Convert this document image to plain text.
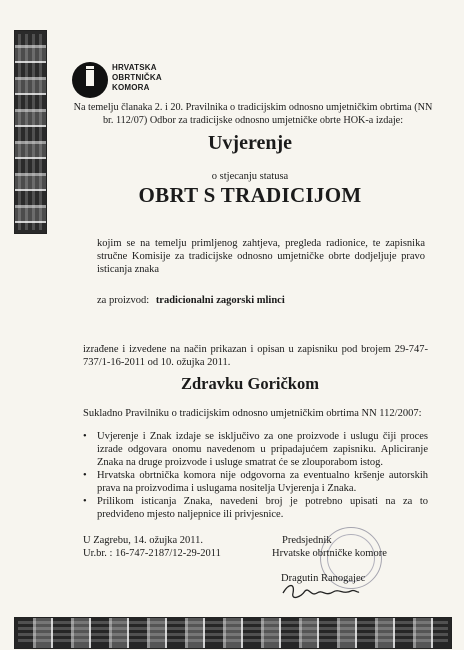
HRVATSKA
OBRTNIČKA
KOMORA
Na temelju članaka 2. i 20. Pravilnika o tradicijskim odnosno umjetničkim obrtima (NN br. 112/07) Odbor za tradicijske odnosno umjetničke obrte HOK-a izdaje:
Uvjerenje
o stjecanju statusa
OBRT S TRADICIJOM
kojim se na temelju primljenog zahtjeva, pregleda radionice, te zapisnika stručne Komisije za tradicijske odnosno umjetničke obrte dodjeljuje pravo isticanja znaka
za proizvod: tradicionalni zagorski mlinci
izrađene i izvedene na način prikazan i opisan u zapisniku pod brojem 29-747-737/1-16-2011 od 10. ožujka 2011.
Zdravku Goričkom
Sukladno Pravilniku o tradicijskim odnosno umjetničkim obrtima NN 112/2007:
• Uvjerenje i Znak izdaje se isključivo za one proizvode i uslugu čiji proces izrade odgovara onomu navedenom u pripadajućem zapisniku. Apliciranje Znaka na druge proizvode i usluge smatrat će se zlouporabom istog.
• Hrvatska obrtnička komora nije odgovorna za eventualno kršenje autorskih prava na proizvodima i uslugama nositelja Uvjerenja i Znaka.
• Prilikom isticanja Znaka, navedeni broj je potrebno upisati na za to predviđeno mjesto naljepnice ili privjesnice.
U Zagrebu, 14. ožujka 2011.
Ur.br. : 16-747-2187/12-29-2011
Predsjednik
Hrvatske obrtničke komore
Dragutin Ranogajec
